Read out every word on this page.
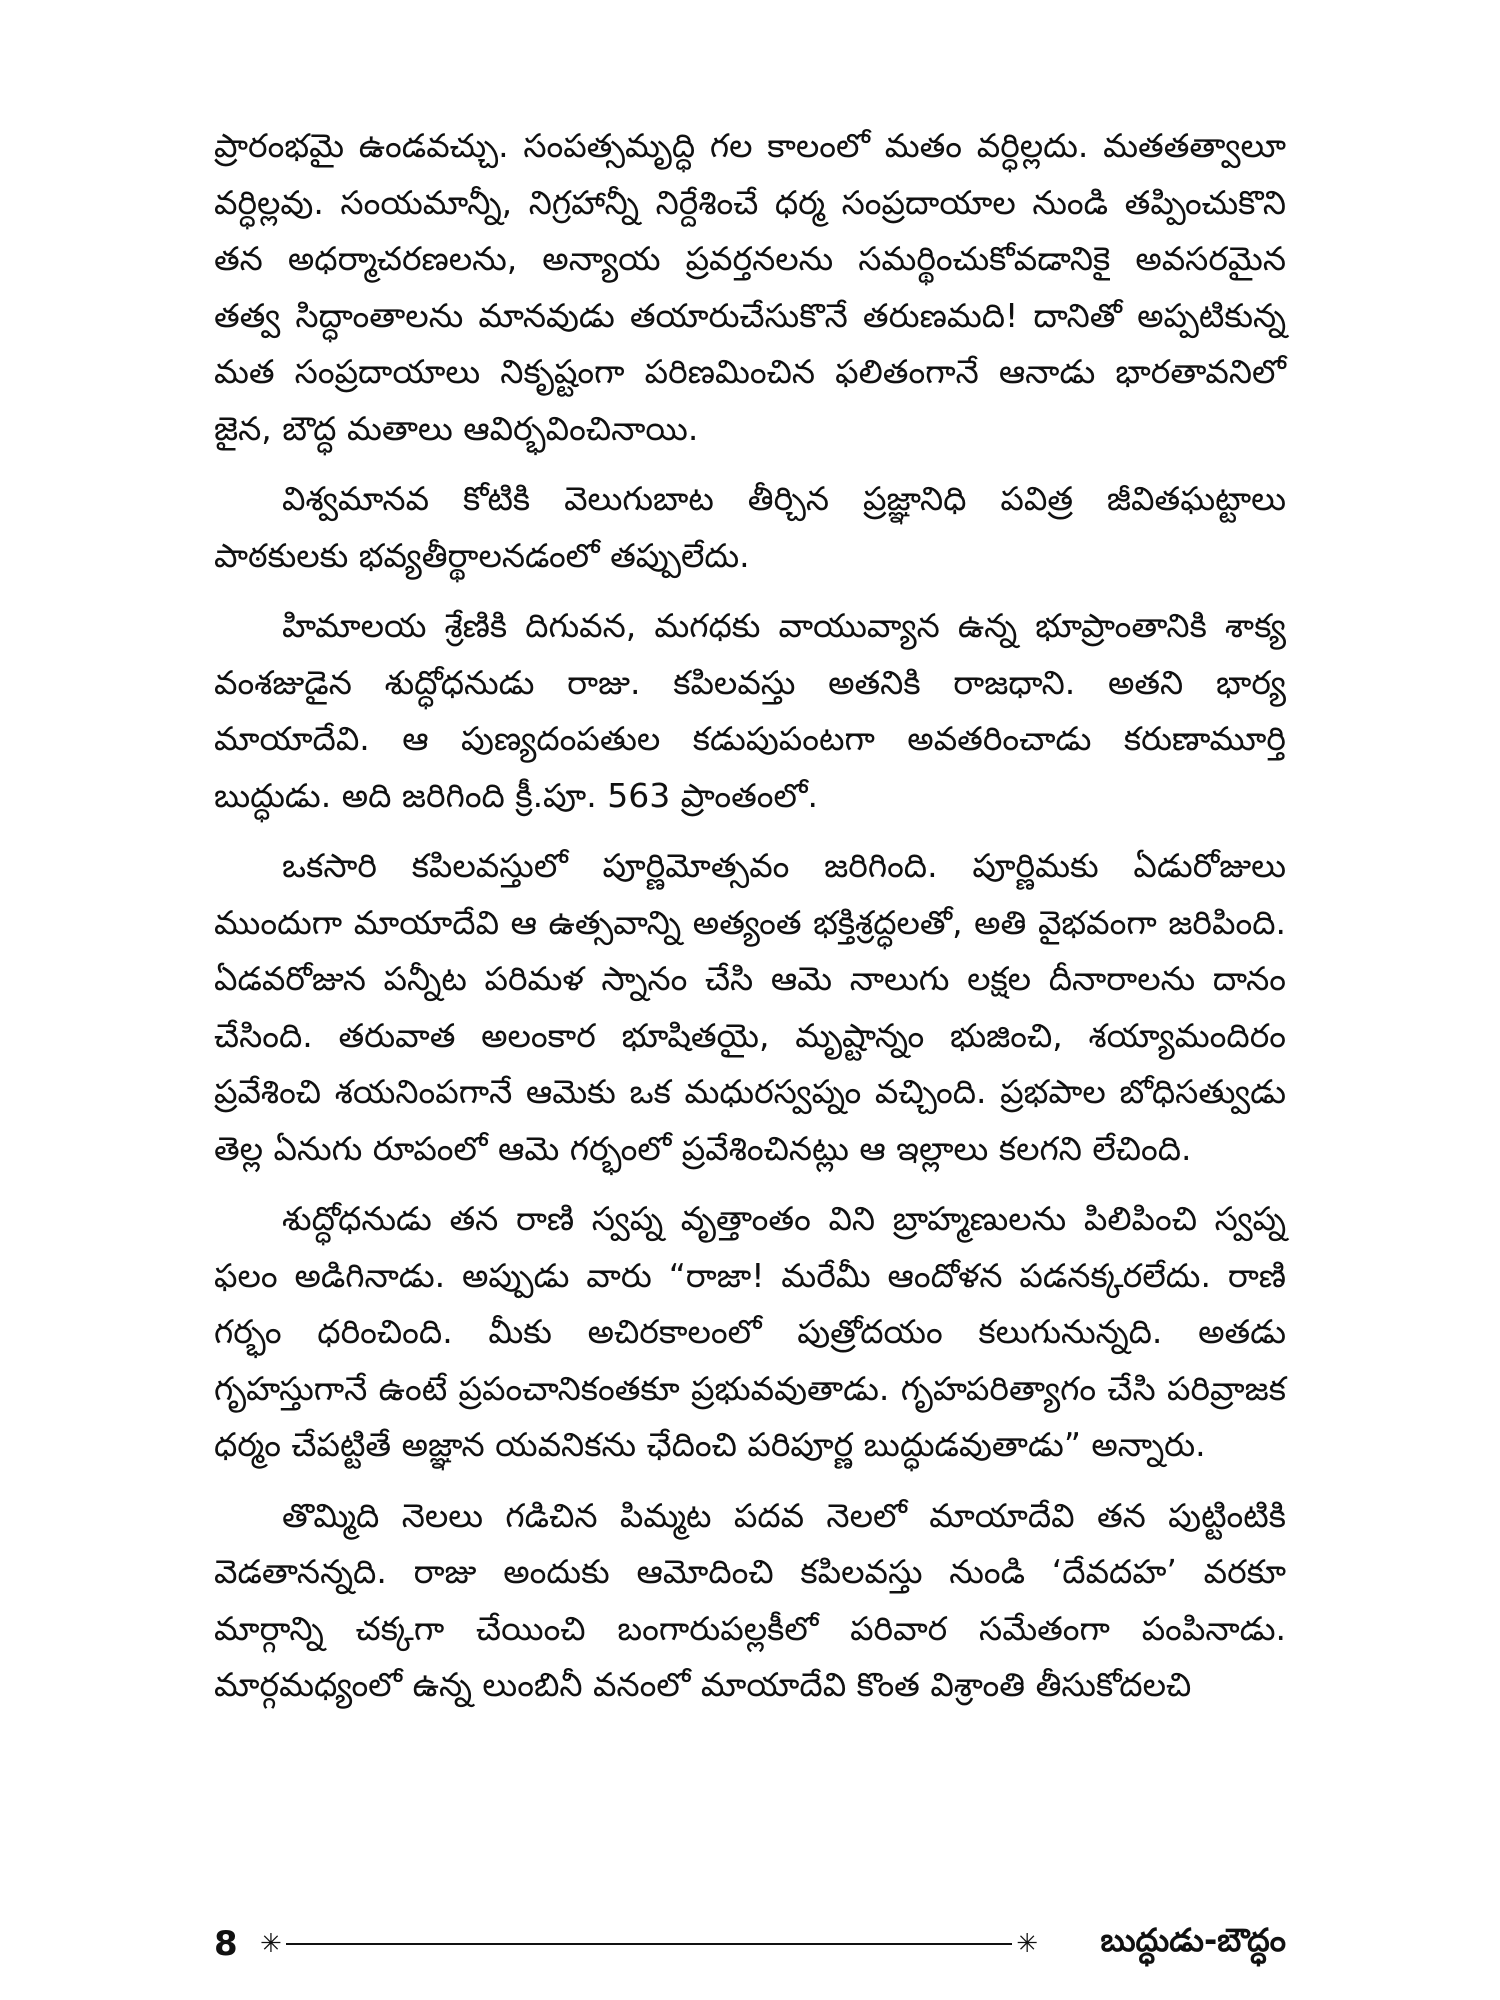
ప్రారంభమై ఉండవచ్చు. సంపత్సమృద్ధి గల కాలంలో మతం వర్ధిల్లదు. మతతత్వాలూ వర్ధిల్లవు. సంయమాన్నీ, నిగ్రహాన్నీ నిర్దేశించే ధర్మ సంప్రదాయాల నుండి తప్పించుకొని తన అధర్మాచరణలను, అన్యాయ ప్రవర్తనలను సమర్థించుకోవడానికై అవసరమైన తత్వ సిద్ధాంతాలను మానవుడు తయారుచేసుకొనే తరుణమది! దానితో అప్పటికున్న మత సంప్రదాయాలు నికృష్టంగా పరిణమించిన ఫలితంగానే ఆనాడు భారతావనిలో జైన, బౌద్ధ మతాలు ఆవిర్భవించినాయి.

విశ్వమానవ కోటికి వెలుగుబాట తీర్చిన ప్రజ్ఞానిధి పవిత్ర జీవితఘట్టాలు పాఠకులకు భవ్యతీర్థాలనడంలో తప్పులేదు.

హిమాలయ శ్రేణికి దిగువన, మగధకు వాయువ్యాన ఉన్న భూప్రాంతానికి శాక్య వంశజుడైన శుద్ధోధనుడు రాజు. కపిలవస్తు అతనికి రాజధాని. అతని భార్య మాయాదేవి. ఆ పుణ్యదంపతుల కడుపుపంటగా అవతరించాడు కరుణామూర్తి బుద్ధుడు. అది జరిగింది క్రీ.పూ. 563 ప్రాంతంలో.

ఒకసారి కపిలవస్తులో పూర్ణిమోత్సవం జరిగింది. పూర్ణిమకు ఏడురోజులు ముందుగా మాయాదేవి ఆ ఉత్సవాన్ని అత్యంత భక్తిశ్రద్ధలతో, అతి వైభవంగా జరిపింది. ఏడవరోజున పన్నీట పరిమళ స్నానం చేసి ఆమె నాలుగు లక్షల దీనారాలను దానం చేసింది. తరువాత అలంకార భూషితయై, మృష్టాన్నం భుజించి, శయ్యామందిరం ప్రవేశించి శయనింపగానే ఆమెకు ఒక మధురస్వప్నం వచ్చింది. ప్రభపాల బోధిసత్వుడు తెల్ల ఏనుగు రూపంలో ఆమె గర్భంలో ప్రవేశించినట్లు ఆ ఇల్లాలు కలగని లేచింది.

శుద్ధోధనుడు తన రాణి స్వప్న వృత్తాంతం విని బ్రాహ్మణులను పిలిపించి స్వప్న ఫలం అడిగినాడు. అప్పుడు వారు “రాజా! మరేమీ ఆందోళన పడనక్కరలేదు. రాణి గర్భం ధరించింది. మీకు అచిరకాలంలో పుత్రోదయం కలుగునున్నది. అతడు గృహస్తుగానే ఉంటే ప్రపంచానికంతకూ ప్రభువవుతాడు. గృహపరిత్యాగం చేసి పరివ్రాజక ధర్మం చేపట్టితే అజ్ఞాన యవనికను ఛేదించి పరిపూర్ణ బుద్ధుడవుతాడు” అన్నారు.

తొమ్మిది నెలలు గడిచిన పిమ్మట పదవ నెలలో మాయాదేవి తన పుట్టింటికి వెడతానన్నది. రాజు అందుకు ఆమోదించి కపిలవస్తు నుండి ‘దేవదహ’ వరకూ మార్గాన్ని చక్కగా చేయించి బంగారుపల్లకీలో పరివార సమేతంగా పంపినాడు. మార్గమధ్యంలో ఉన్న లుంబినీ వనంలో మాయాదేవి కొంత విశ్రాంతి తీసుకోదలచి

8 ✳	✳	బుద్ధుడు-బౌద్ధం
